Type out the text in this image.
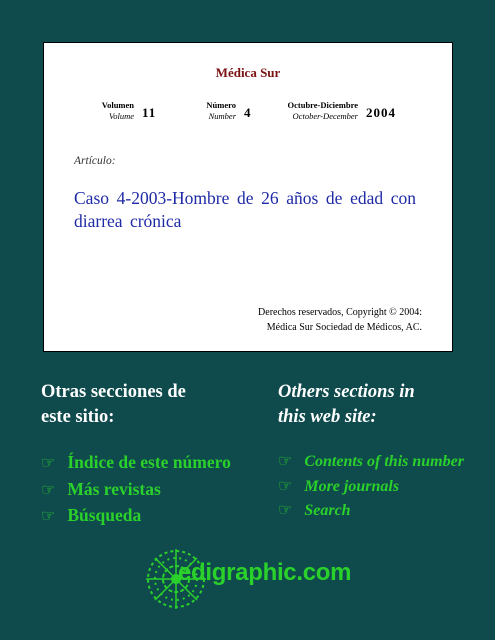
Médica Sur
Volumen
Volume 11	Número
Number 4	Octubre-Diciembre
October-December 2004
Artículo:
Caso 4-2003-Hombre de 26 años de edad con diarrea crónica
Derechos reservados, Copyright © 2004:
Médica Sur Sociedad de Médicos, AC.
Otras secciones de
este sitio:
Others sections in
this web site:
☞ Índice de este número
☞ Más revistas
☞ Búsqueda
☞ Contents of this number
☞ More journals
☞ Search
edigraphic.com
